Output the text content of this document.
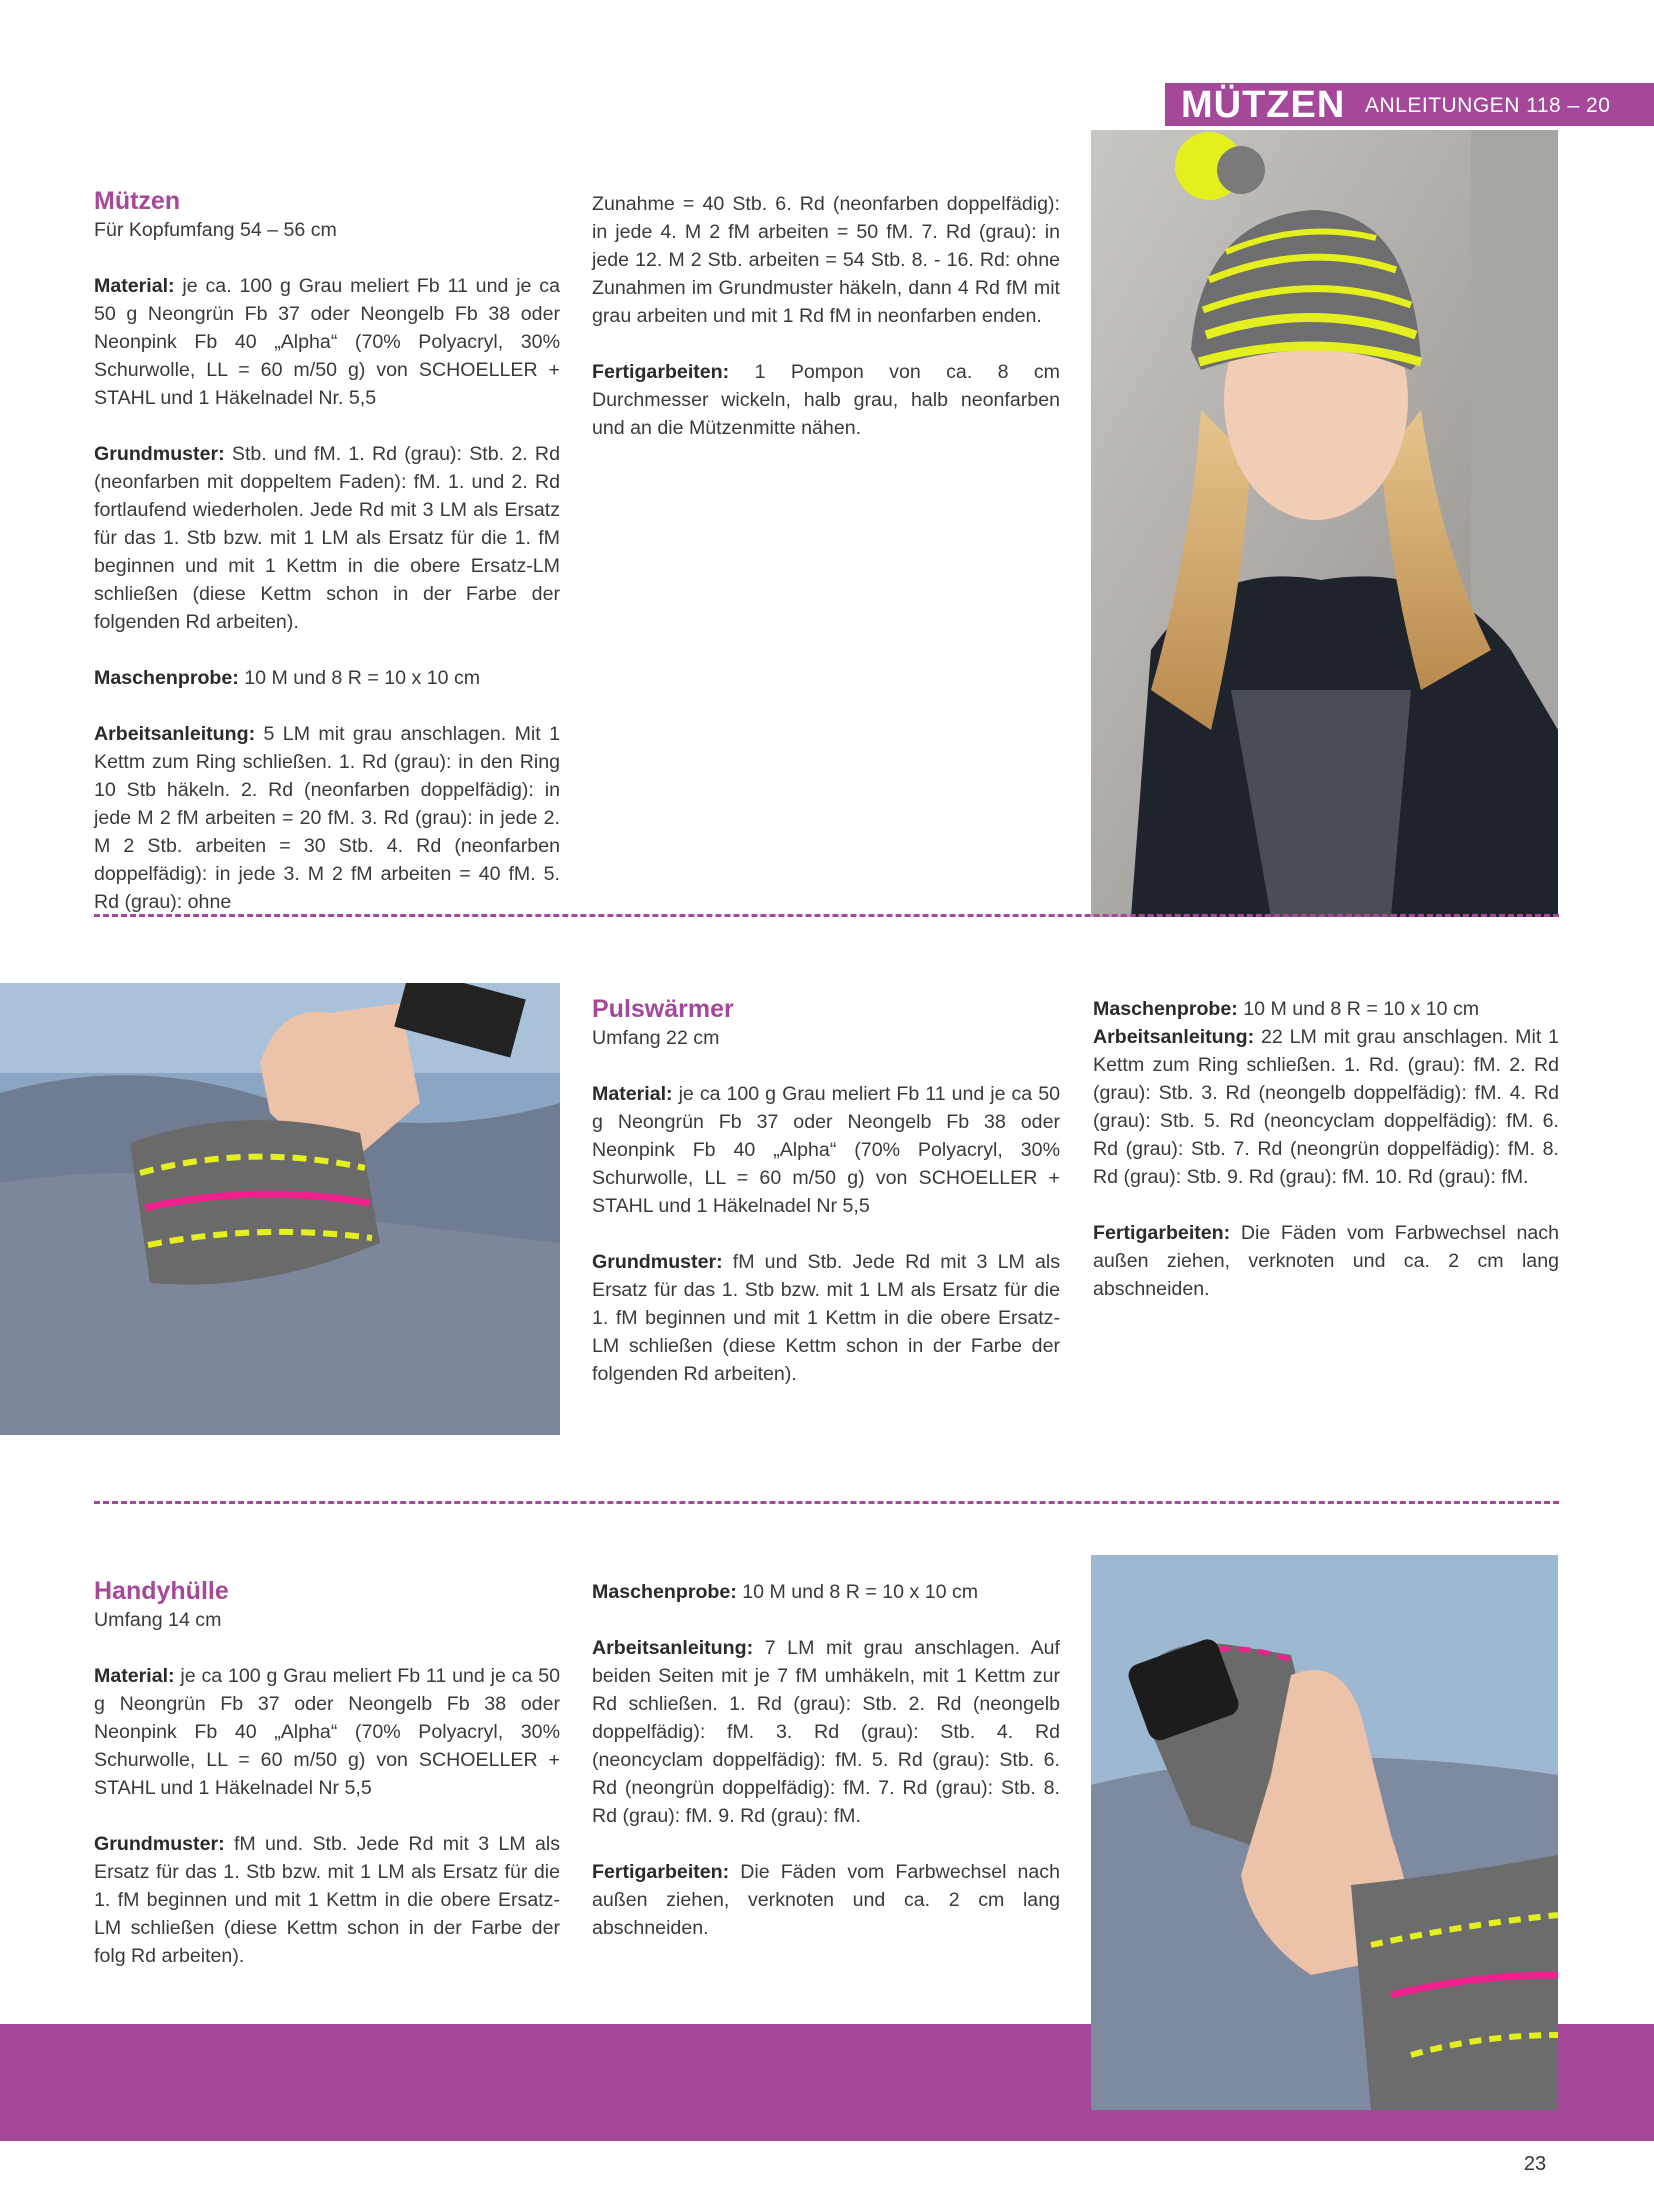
MÜTZEN ANLEITUNGEN 118 – 20
Mützen

Für Kopfumfang 54 – 56 cm

Material: je ca. 100 g Grau meliert Fb 11 und je ca 50 g Neongrün Fb 37 oder Neongelb Fb 38 oder Neonpink Fb 40 „Alpha“ (70% Polyacryl, 30% Schurwolle, LL = 60 m/50 g) von SCHOELLER + STAHL und 1 Häkelnadel Nr. 5,5

Grundmuster: Stb. und fM. 1. Rd (grau): Stb. 2. Rd (neonfarben mit doppeltem Faden): fM. 1. und 2. Rd fortlaufend wiederholen. Jede Rd mit 3 LM als Ersatz für das 1. Stb bzw. mit 1 LM als Ersatz für die 1. fM beginnen und mit 1 Kettm in die obere Ersatz-LM schließen (diese Kettm schon in der Farbe der folgenden Rd arbeiten).

Maschenprobe: 10 M und 8 R = 10 x 10 cm

Arbeitsanleitung: 5 LM mit grau anschlagen. Mit 1 Kettm zum Ring schließen. 1. Rd (grau): in den Ring 10 Stb häkeln. 2. Rd (neonfarben doppelfädig): in jede M 2 fM arbeiten = 20 fM. 3. Rd (grau): in jede 2. M 2 Stb. arbeiten = 30 Stb. 4. Rd (neonfarben doppelfädig): in jede 3. M 2 fM arbeiten = 40 fM. 5. Rd (grau): ohne

Zunahme = 40 Stb. 6. Rd (neonfarben doppelfädig): in jede 4. M 2 fM arbeiten = 50 fM. 7. Rd (grau): in jede 12. M 2 Stb. arbeiten = 54 Stb. 8. - 16. Rd: ohne Zunahmen im Grundmuster häkeln, dann 4 Rd fM mit grau arbeiten und mit 1 Rd fM in neonfarben enden.

Fertigarbeiten: 1 Pompon von ca. 8 cm Durchmesser wickeln, halb grau, halb neonfarben und an die Mützenmitte nähen.

Pulswärmer

Umfang 22 cm

Material: je ca 100 g Grau meliert Fb 11 und je ca 50 g Neongrün Fb 37 oder Neongelb Fb 38 oder Neonpink Fb 40 „Alpha“ (70% Polyacryl, 30% Schurwolle, LL = 60 m/50 g) von SCHOELLER + STAHL und 1 Häkelnadel Nr 5,5

Grundmuster: fM und Stb. Jede Rd mit 3 LM als Ersatz für das 1. Stb bzw. mit 1 LM als Ersatz für die 1. fM beginnen und mit 1 Kettm in die obere Ersatz-LM schließen (diese Kettm schon in der Farbe der folgenden Rd arbeiten).

Maschenprobe: 10 M und 8 R = 10 x 10 cm

Arbeitsanleitung: 22 LM mit grau anschlagen. Mit 1 Kettm zum Ring schließen. 1. Rd. (grau): fM. 2. Rd (grau): Stb. 3. Rd (neongelb doppelfädig): fM. 4. Rd (grau): Stb. 5. Rd (neoncyclam doppelfädig): fM. 6. Rd (grau): Stb. 7. Rd (neongrün doppelfädig): fM. 8. Rd (grau): Stb. 9. Rd (grau): fM. 10. Rd (grau): fM.

Fertigarbeiten: Die Fäden vom Farbwechsel nach außen ziehen, verknoten und ca. 2 cm lang abschneiden.

Handyhülle

Umfang 14 cm

Material: je ca 100 g Grau meliert Fb 11 und je ca 50 g Neongrün Fb 37 oder Neongelb Fb 38 oder Neonpink Fb 40 „Alpha“ (70% Polyacryl, 30% Schurwolle, LL = 60 m/50 g) von SCHOELLER + STAHL und 1 Häkelnadel Nr 5,5

Grundmuster: fM und. Stb. Jede Rd mit 3 LM als Ersatz für das 1. Stb bzw. mit 1 LM als Ersatz für die 1. fM beginnen und mit 1 Kettm in die obere Ersatz-LM schließen (diese Kettm schon in der Farbe der folg Rd arbeiten).

Maschenprobe: 10 M und 8 R = 10 x 10 cm

Arbeitsanleitung: 7 LM mit grau anschlagen. Auf beiden Seiten mit je 7 fM umhäkeln, mit 1 Kettm zur Rd schließen. 1. Rd (grau): Stb. 2. Rd (neongelb doppelfädig): fM. 3. Rd (grau): Stb. 4. Rd (neoncyclam doppelfädig): fM. 5. Rd (grau): Stb. 6. Rd (neongrün doppelfädig): fM. 7. Rd (grau): Stb. 8. Rd (grau): fM. 9. Rd (grau): fM.

Fertigarbeiten: Die Fäden vom Farbwechsel nach außen ziehen, verknoten und ca. 2 cm lang abschneiden.

23
